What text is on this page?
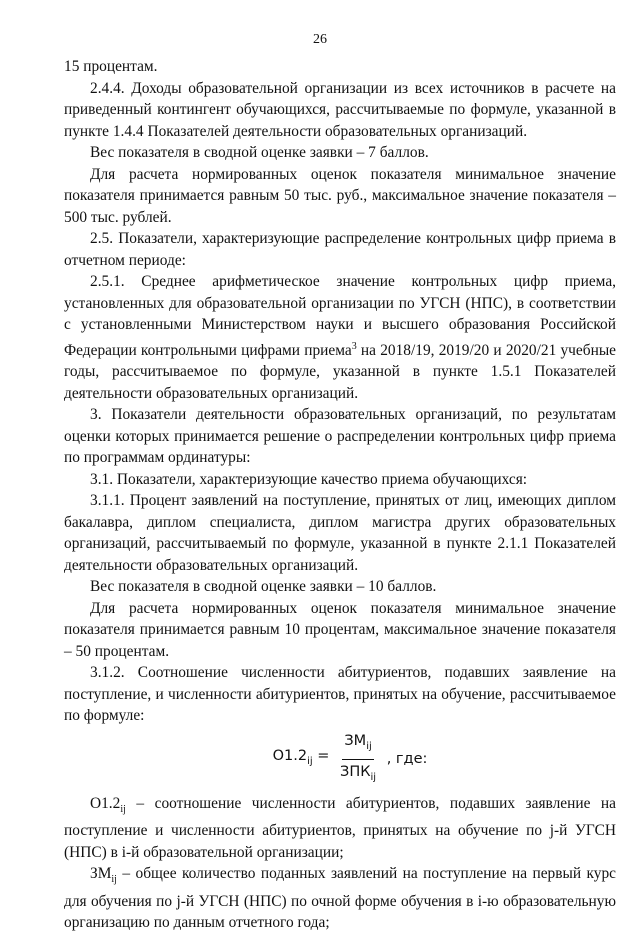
26

15 процентам.

2.4.4. Доходы образовательной организации из всех источников в расчете на приведенный контингент обучающихся, рассчитываемые по формуле, указанной в пункте 1.4.4 Показателей деятельности образовательных организаций.

Вес показателя в сводной оценке заявки – 7 баллов.

Для расчета нормированных оценок показателя минимальное значение показателя принимается равным 50 тыс. руб., максимальное значение показателя – 500 тыс. рублей.

2.5. Показатели, характеризующие распределение контрольных цифр приема в отчетном периоде:

2.5.1. Среднее арифметическое значение контрольных цифр приема, установленных для образовательной организации по УГСН (НПС), в соответствии с установленными Министерством науки и высшего образования Российской Федерации контрольными цифрами приема$^3$ на 2018/19, 2019/20 и 2020/21 учебные годы, рассчитываемое по формуле, указанной в пункте 1.5.1 Показателей деятельности образовательных организаций.

3. Показатели деятельности образовательных организаций, по результатам оценки которых принимается решение о распределении контрольных цифр приема по программам ординатуры:

3.1. Показатели, характеризующие качество приема обучающихся:

3.1.1. Процент заявлений на поступление, принятых от лиц, имеющих диплом бакалавра, диплом специалиста, диплом магистра других образовательных организаций, рассчитываемый по формуле, указанной в пункте 2.1.1 Показателей деятельности образовательных организаций.

Вес показателя в сводной оценке заявки – 10 баллов.

Для расчета нормированных оценок показателя минимальное значение показателя принимается равным 10 процентам, максимальное значение показателя – 50 процентам.

3.1.2. Соотношение численности абитуриентов, подавших заявление на поступление, и численности абитуриентов, принятых на обучение, рассчитываемое по формуле:

$O1.2_{ij} = \frac{ЗМ_{ij}}{ЗПК_{ij}}$ , где:

$O1.2_{ij}$ – соотношение численности абитуриентов, подавших заявление на поступление и численности абитуриентов, принятых на обучение по j-й УГСН (НПС) в i-й образовательной организации;

$ЗМ_{ij}$ – общее количество поданных заявлений на поступление на первый курс для обучения по j-й УГСН (НПС) по очной форме обучения в i-ю образовательную организацию по данным отчетного года;
